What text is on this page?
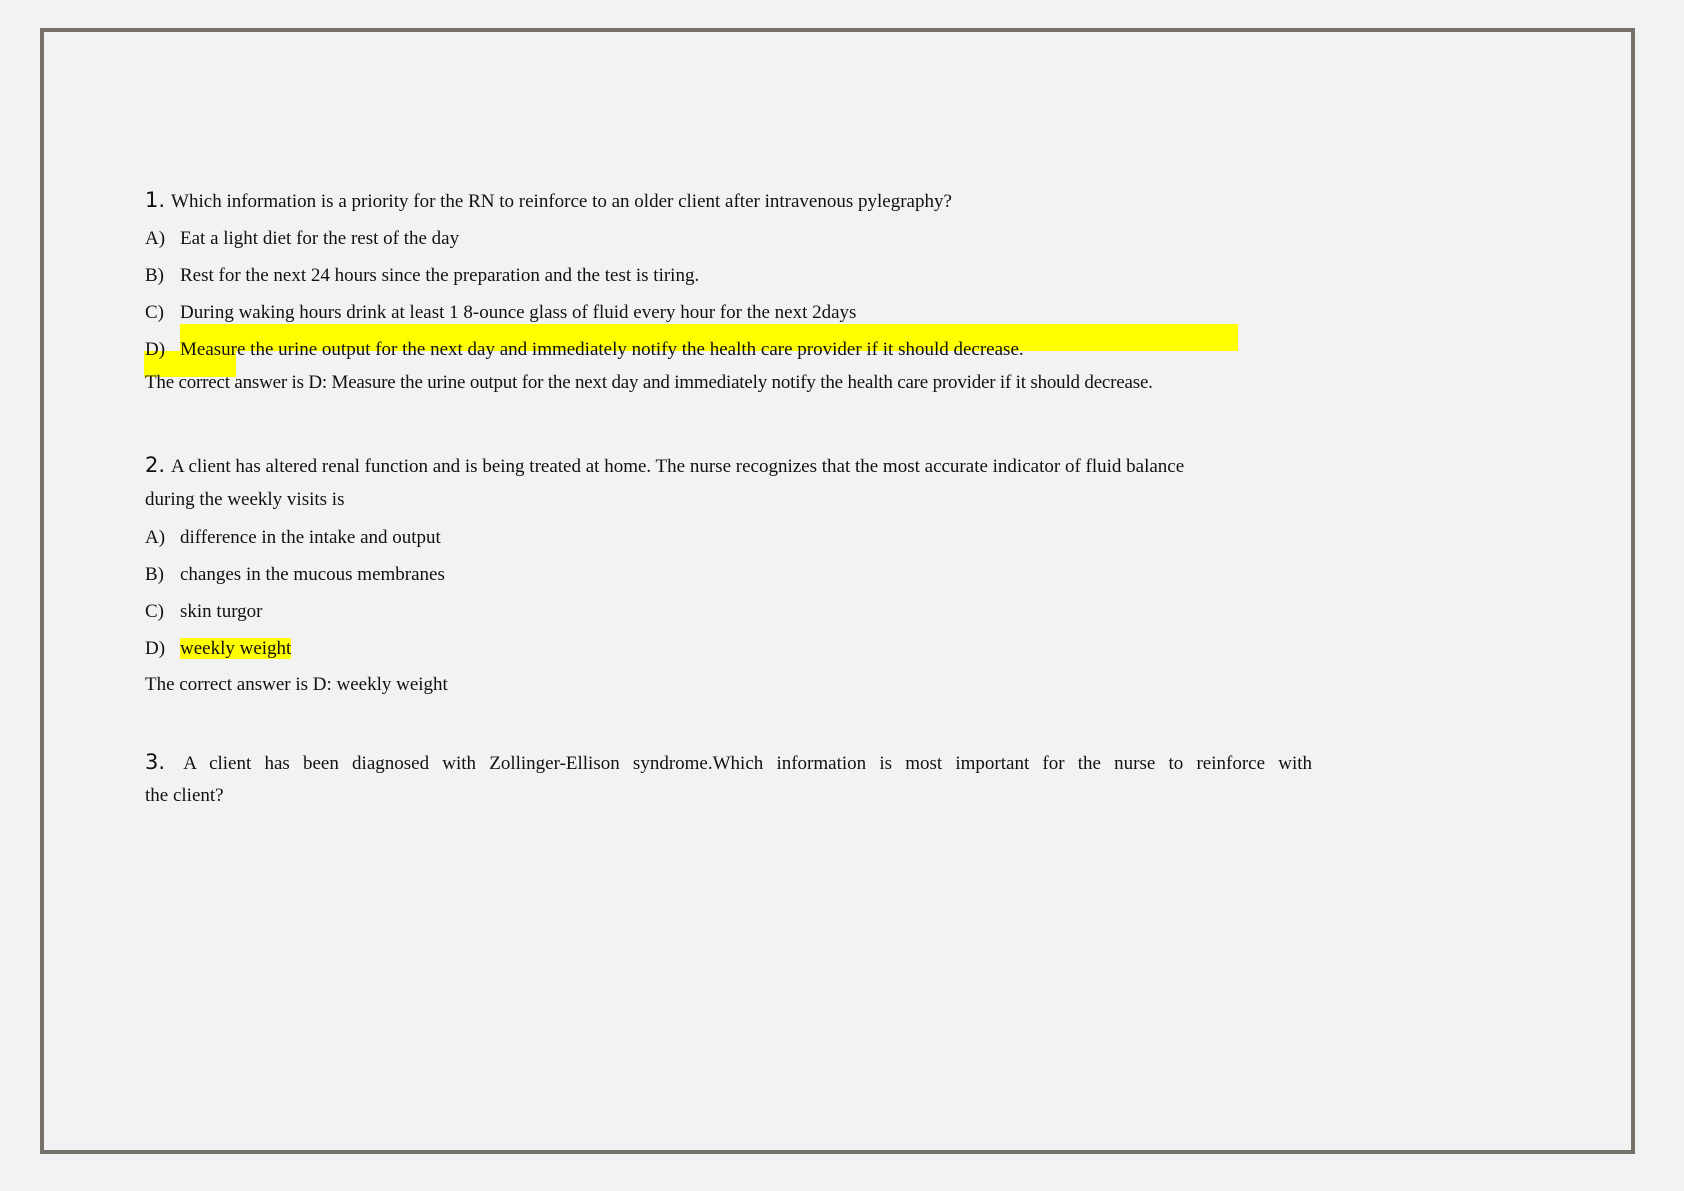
1. Which information is a priority for the RN to reinforce to an older client after intravenous pylegraphy?
A) Eat a light diet for the rest of the day
B) Rest for the next 24 hours since the preparation and the test is tiring.
C) During waking hours drink at least 1 8-ounce glass of fluid every hour for the next 2days
D) Measure the urine output for the next day and immediately notify the health care provider if it should decrease.
The correct answer is D: Measure the urine output for the next day and immediately notify the health care provider if it should decrease.
2. A client has altered renal function and is being treated at home. The nurse recognizes that the most accurate indicator of fluid balance
during the weekly visits is
A) difference in the intake and output
B) changes in the mucous membranes
C) skin turgor
D) weekly weight
The correct answer is D: weekly weight
3. A client has been diagnosed with Zollinger-Ellison syndrome.Which information is most important for the nurse to reinforce with
the client?
